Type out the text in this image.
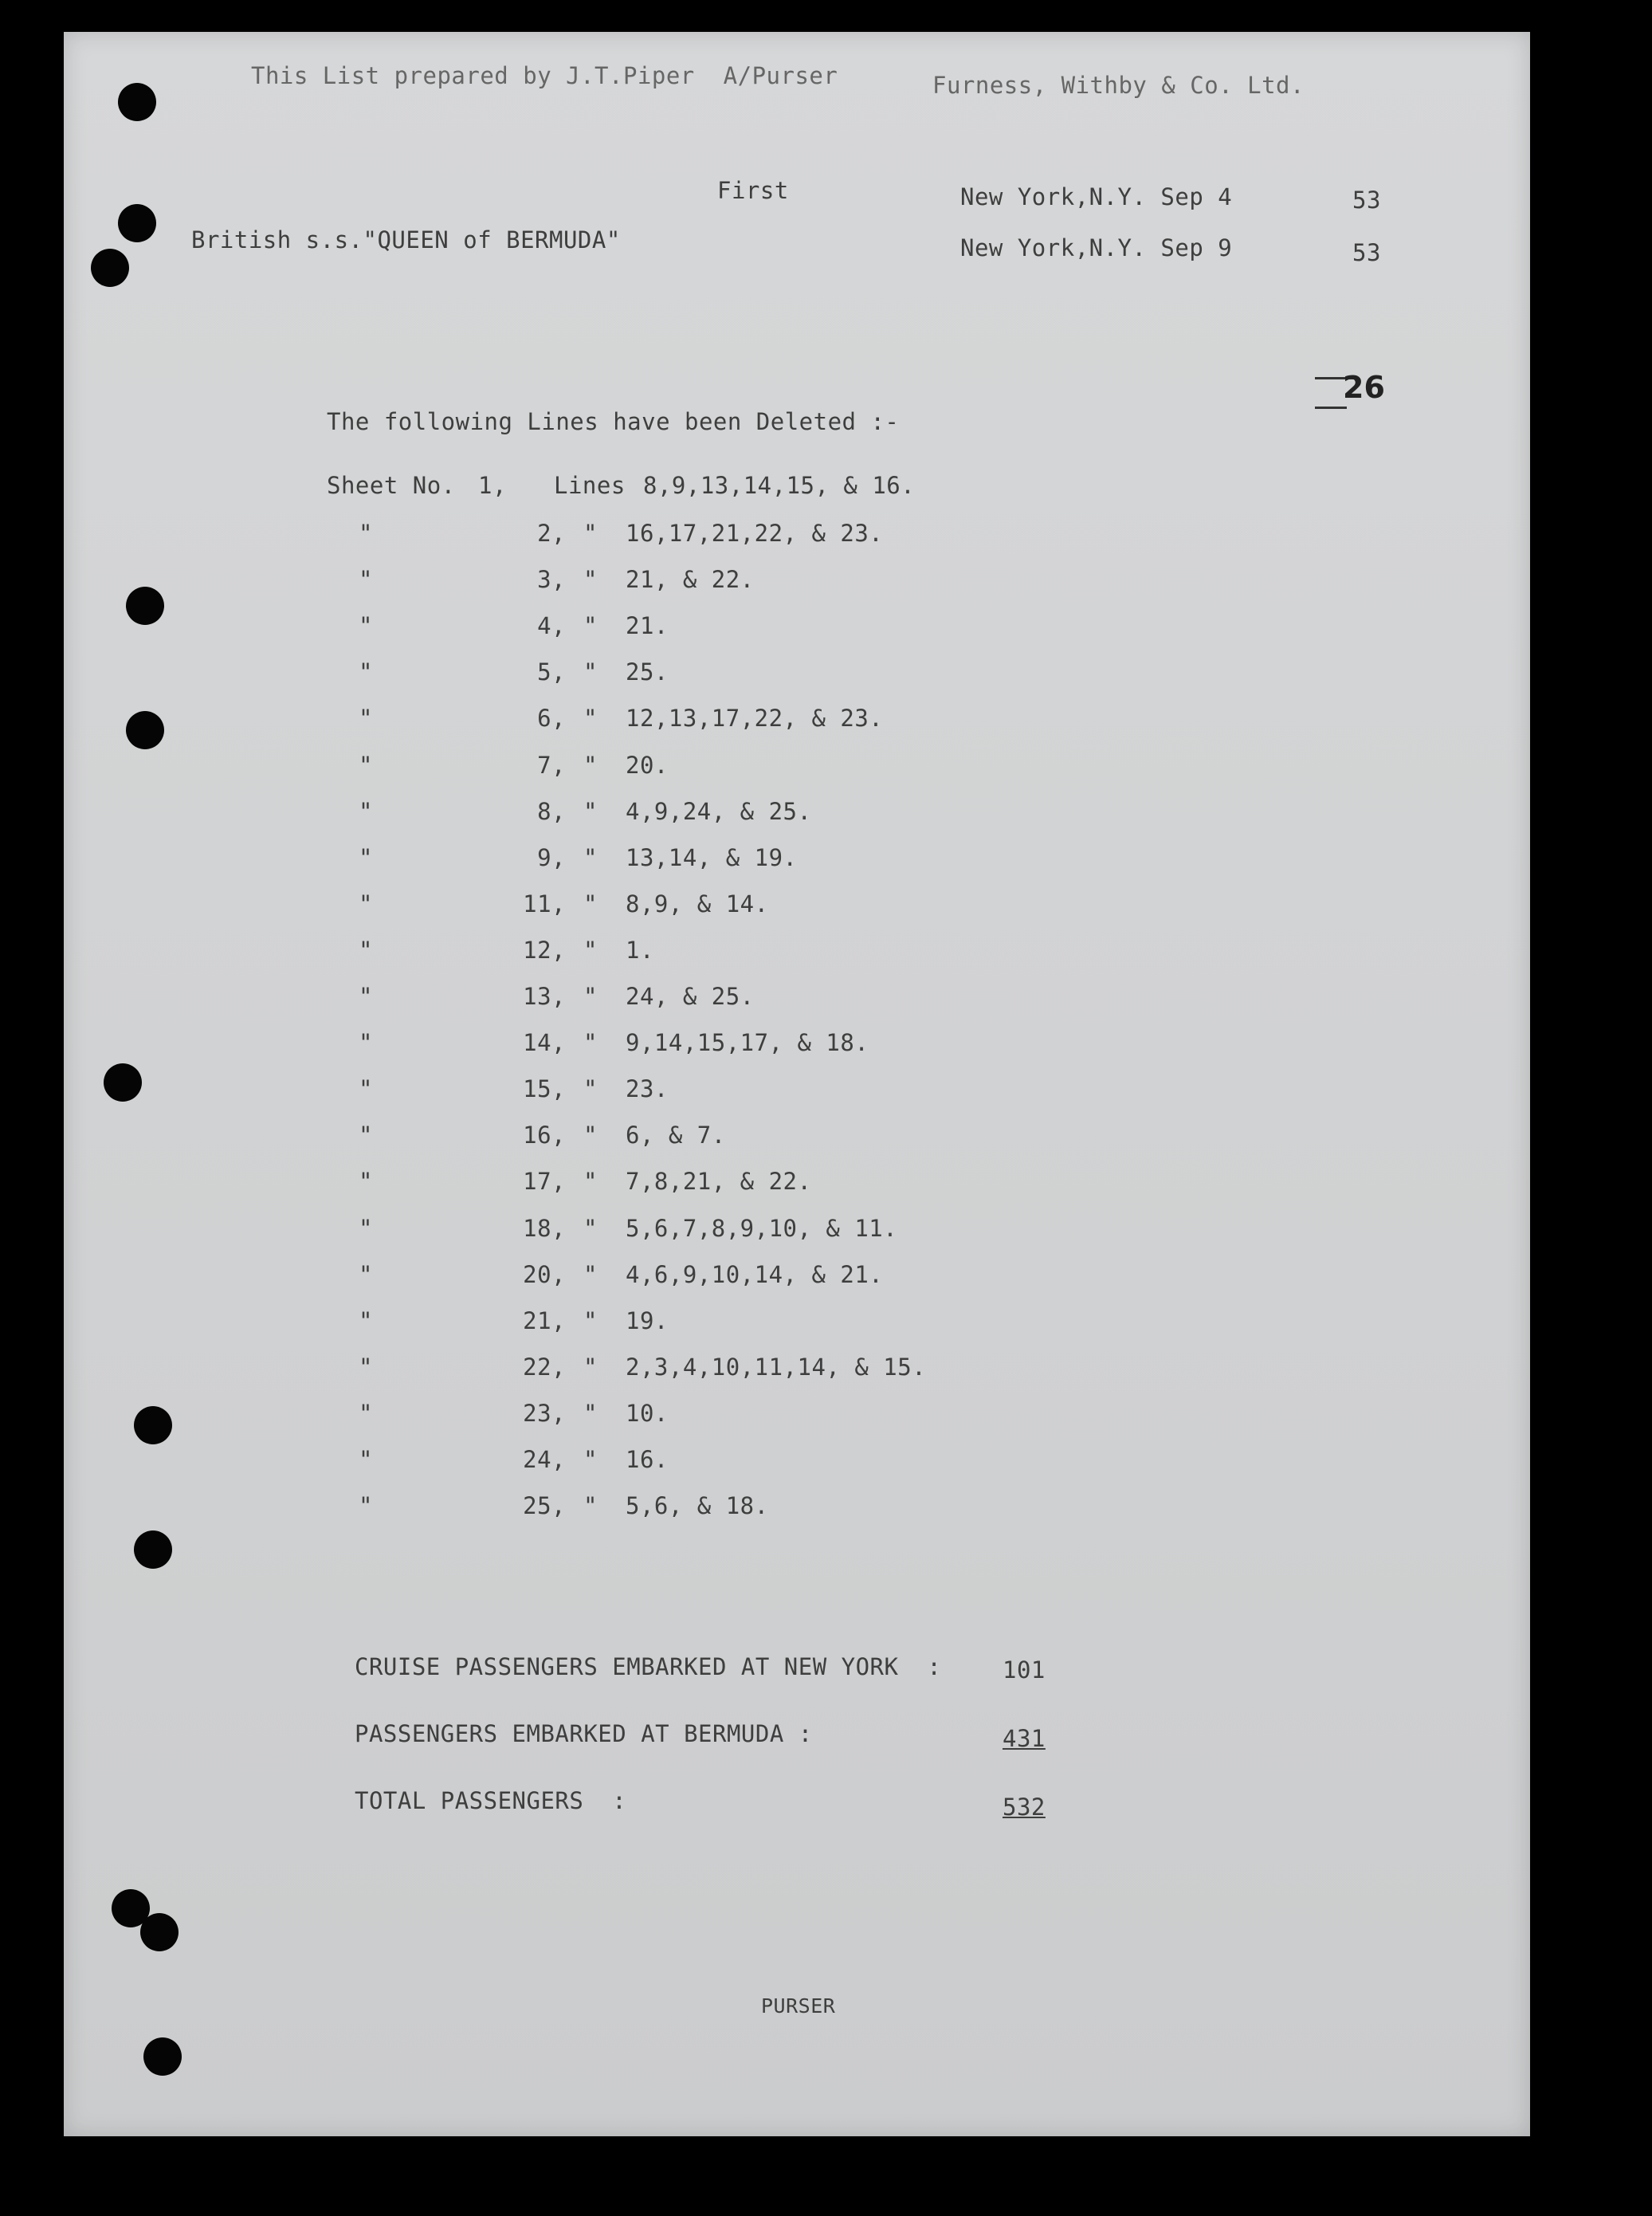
This List prepared by J.T.Piper  A/Purser	Furness, Withby & Co. Ltd.
First	New York,N.Y. Sep 4	53
British s.s."QUEEN of BERMUDA"	New York,N.Y. Sep 9	53
26
The following Lines have been Deleted :-
Sheet No. 1, Lines 8,9,13,14,15, & 16.
"	2, " 16,17,21,22, & 23.
"	3, " 21, & 22.
"	4, " 21.
"	5, " 25.
"	6, " 12,13,17,22, & 23.
"	7, " 20.
"	8, " 4,9,24, & 25.
"	9, " 13,14, & 19.
"	11, " 8,9, & 14.
"	12, " 1.
"	13, " 24, & 25.
"	14, " 9,14,15,17, & 18.
"	15, " 23.
"	16, " 6, & 7.
"	17, " 7,8,21, & 22.
"	18, " 5,6,7,8,9,10, & 11.
"	20, " 4,6,9,10,14, & 21.
"	21, " 19.
"	22, " 2,3,4,10,11,14, & 15.
"	23, " 10.
"	24, " 16.
"	25, " 5,6, & 18.
CRUISE PASSENGERS EMBARKED AT NEW YORK  :	101
PASSENGERS EMBARKED AT BERMUDA :	431
TOTAL PASSENGERS  :	532
PURSER
